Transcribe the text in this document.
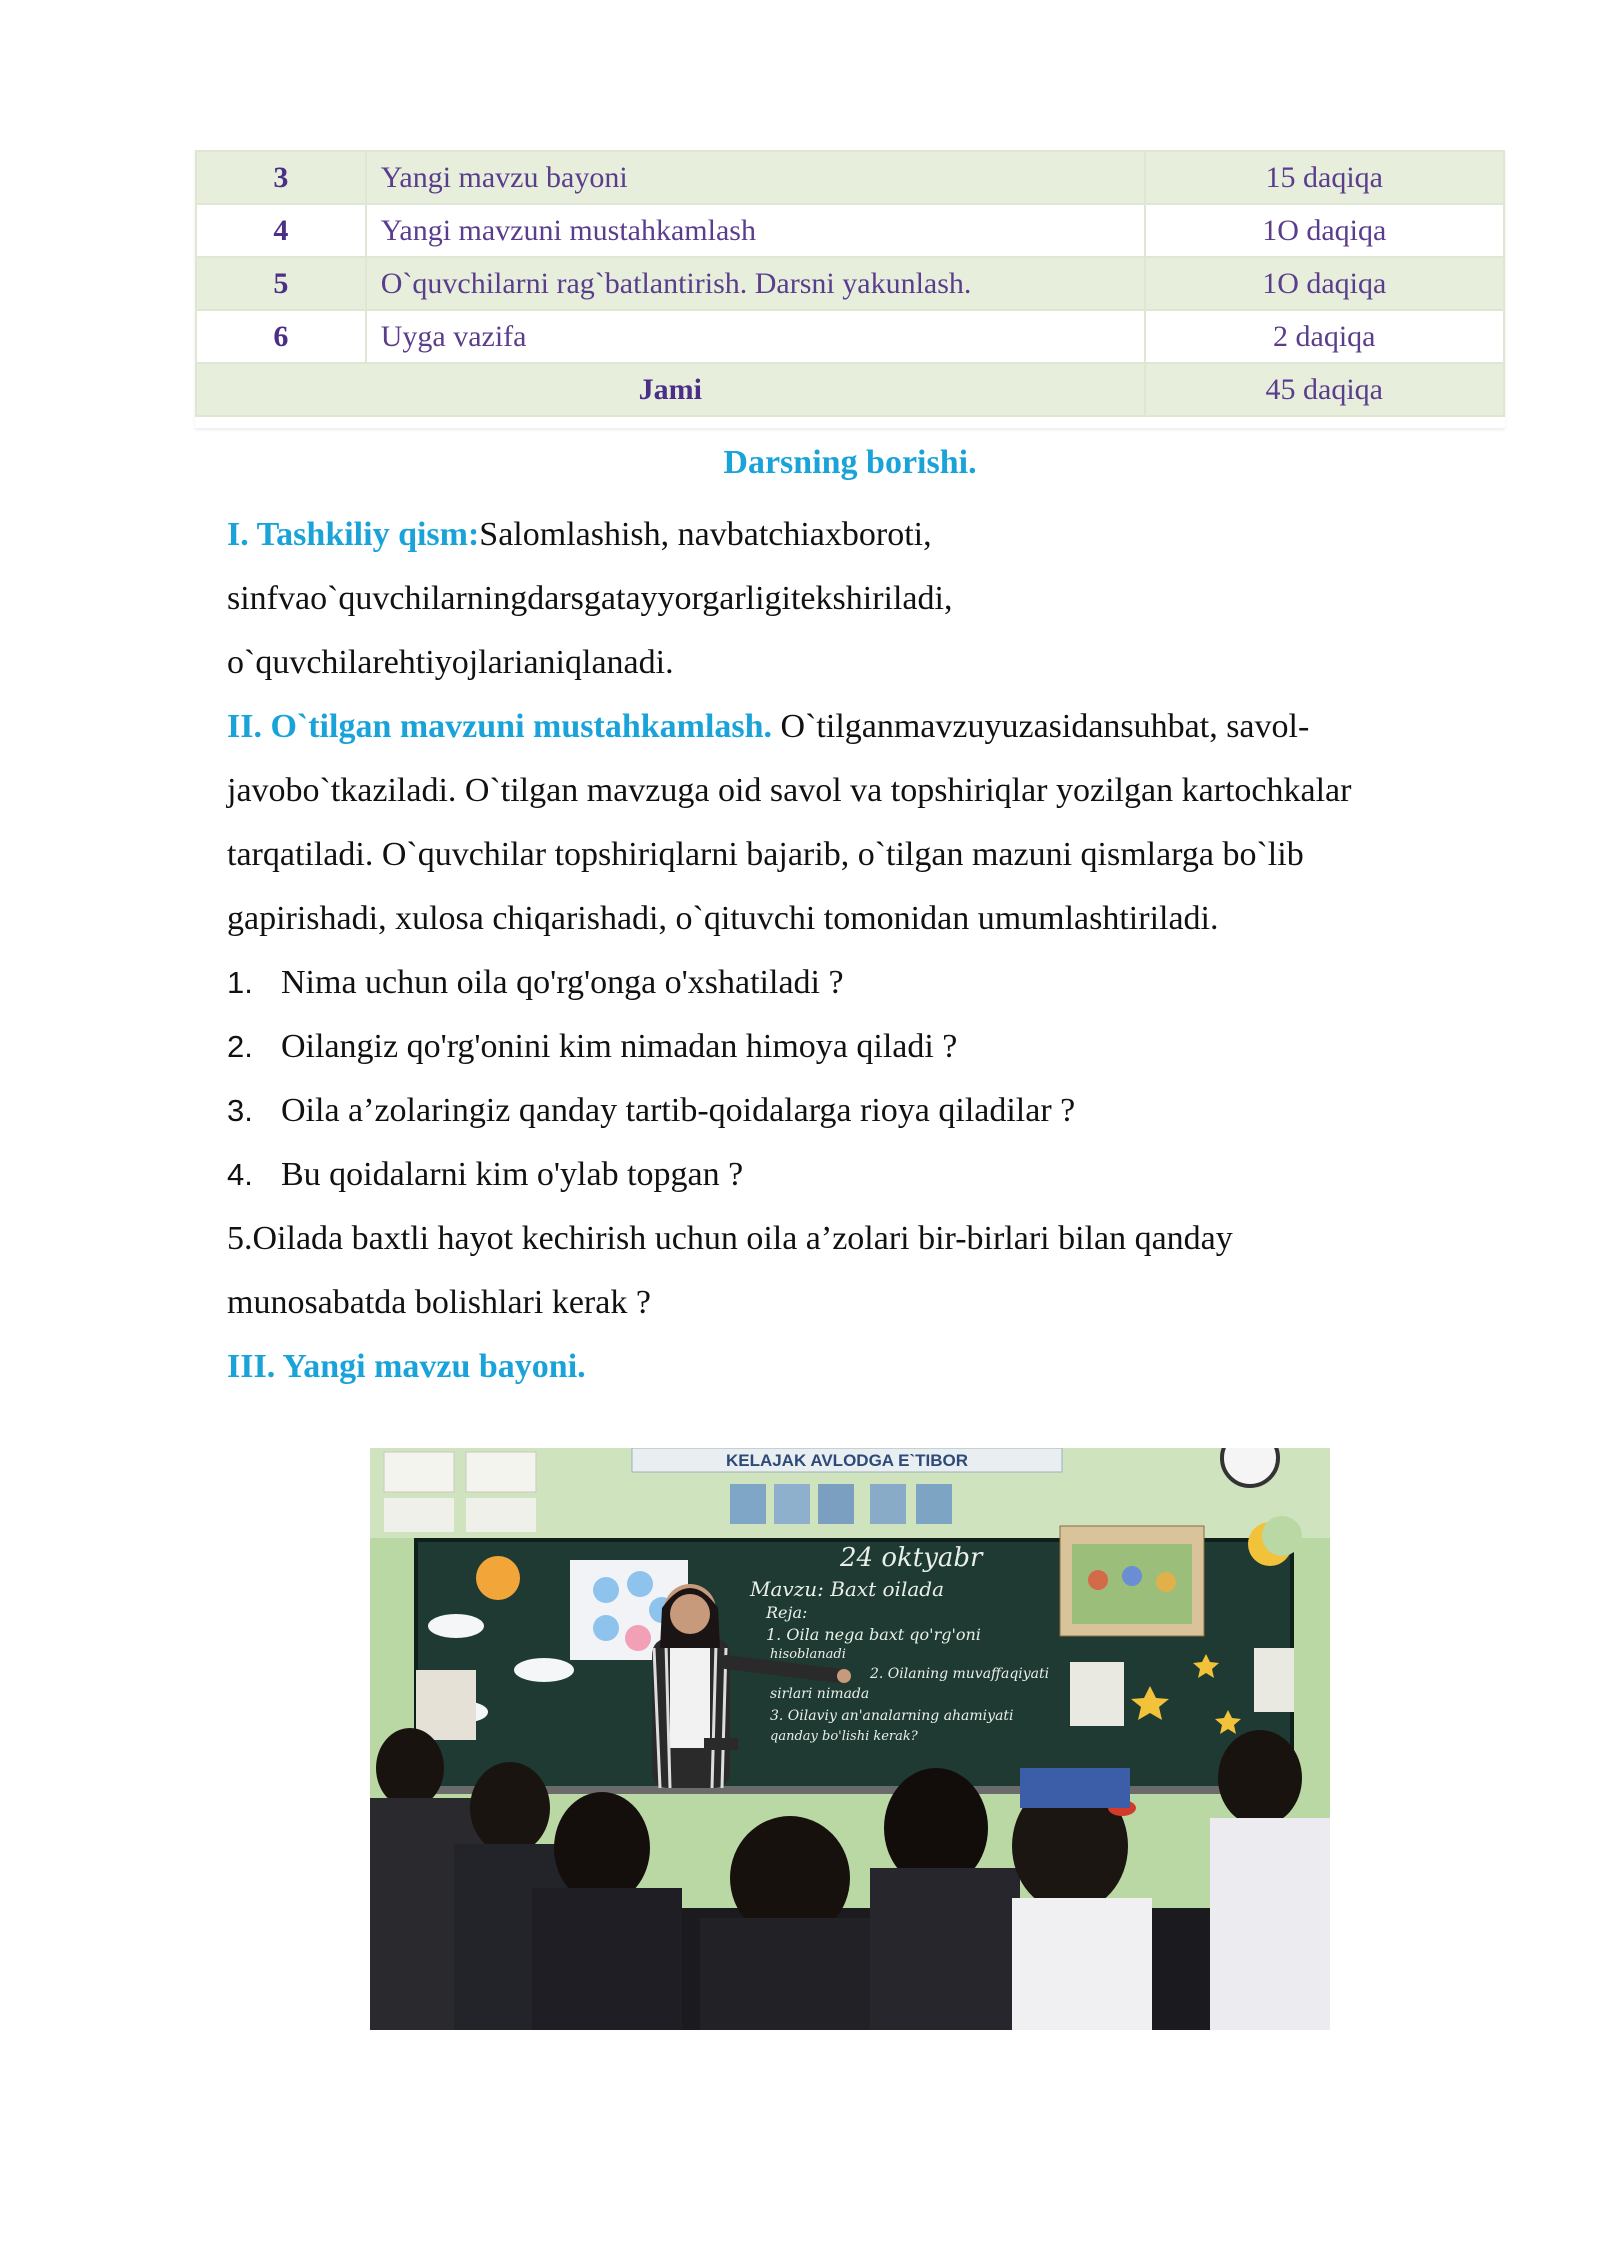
3	Yangi mavzu bayoni	15 daqiqa
4	Yangi mavzuni mustahkamlash	1O daqiqa
5	O`quvchilarni rag`batlantirish. Darsni yakunlash.	1O daqiqa
6	Uyga vazifa	2 daqiqa
Jami		45 daqiqa
Darsning borishi.
I. Tashkiliy qism:Salomlashish, navbatchiaxboroti,
sinfvao`quvchilarningdarsgatayyorgarligitekshiriladi,
o`quvchilarehtiyojlarianiqlanadi.
II. O`tilgan mavzuni mustahkamlash. O`tilganmavzuyuzasidansuhbat, savol-
javobo`tkaziladi. O`tilgan mavzuga oid savol va topshiriqlar yozilgan kartochkalar
tarqatiladi. O`quvchilar topshiriqlarni bajarib, o`tilgan mazuni qismlarga bo`lib
gapirishadi, xulosa chiqarishadi, o`qituvchi tomonidan umumlashtiriladi.
1. Nima uchun oila qo'rg'onga o'xshatiladi ?
2. Oilangiz qo'rg'onini kim nimadan himoya qiladi ?
3. Oila a’zolaringiz qanday tartib-qoidalarga rioya qiladilar ?
4. Bu qoidalarni kim o'ylab topgan ?
5.Oilada baxtli hayot kechirish uchun oila a’zolari bir-birlari bilan qanday
munosabatda bolishlari kerak ?
III. Yangi mavzu bayoni.
KELAJAK AVLODGA E`TIBOR
24 oktyabr
Mavzu: Baxt oilada
Reja:
1. Oila nega baxt qo'rg'oni
hisoblanadi
2. Oilaning muvaffaqiyati
sirlari nimada
3. Oilaviy an'analarning ahamiyati
qanday bo'lishi kerak?
